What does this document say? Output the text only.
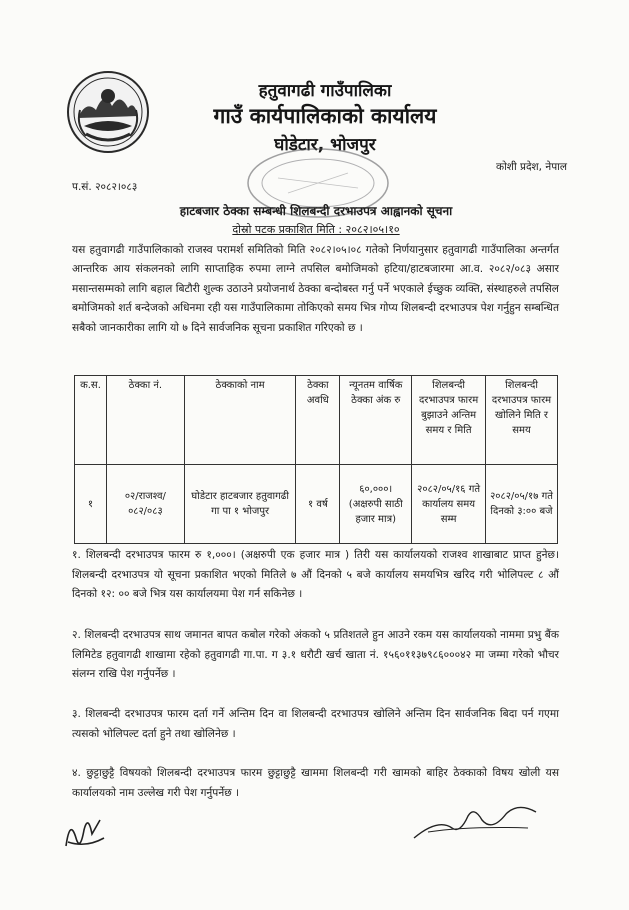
हतुवागढी गाउँपालिका
गाउँ कार्यपालिकाको कार्यालय
घोडेटार, भोजपुर
कोशी प्रदेश, नेपाल
प.सं. २०८२।०८३
हाटबजार ठेक्का सम्बन्धी शिलबन्दी दरभाउपत्र आह्वानको सूचना
दोस्रो पटक प्रकाशित मिति : २०८२।०५।१०
यस हतुवागढी गाउँपालिकाको राजस्व परामर्श समितिको मिति २०८२।०५।०८ गतेको निर्णयानुसार हतुवागढी गाउँपालिका अन्तर्गत आन्तरिक आय संकलनको लागि साप्ताहिक रुपमा लाग्ने तपसिल बमोजिमको हटिया/हाटबजारमा आ.व. २०८२/०८३ असार मसान्तसम्मको लागि बहाल बिटौरी शुल्क उठाउने प्रयोजनार्थ ठेक्का बन्दोबस्त गर्नु पर्ने भएकाले ईच्छुक व्यक्ति, संस्थाहरुले तपसिल बमोजिमको शर्त बन्देजको अधिनमा रही यस गाउँपालिकामा तोकिएको समय भित्र गोप्य शिलबन्दी दरभाउपत्र पेश गर्नुहुन सम्बन्धित सबैको जानकारीका लागि यो ७ दिने सार्वजनिक सूचना प्रकाशित गरिएको छ ।
क.स.	ठेक्का नं.	ठेक्काको नाम	ठेक्का अवधि	न्यूनतम वार्षिक ठेक्का अंक रु	शिलबन्दी दरभाउपत्र फारम बुझाउने अन्तिम समय र मिति	शिलबन्दी दरभाउपत्र फारम खोलिने मिति र समय
१	०२/राजश्व/ ०८२/०८३	घोडेटार हाटबजार हतुवागढी गा पा १ भोजपुर	१ वर्ष	६०,०००। (अक्षरुपी साठी हजार मात्र)	२०८२/०५/१६ गते कार्यालय समय सम्म	२०८२/०५/१७ गते दिनको ३:०० बजे
१. शिलबन्दी दरभाउपत्र फारम रु १,०००। (अक्षरुपी एक हजार मात्र ) तिरी यस कार्यालयको राजश्व शाखाबाट प्राप्त हुनेछ। शिलबन्दी दरभाउपत्र यो सूचना प्रकाशित भएको मितिले ७ औं दिनको ५ बजे कार्यालय समयभित्र खरिद गरी भोलिपल्ट ८ औं दिनको १२: ०० बजे भित्र यस कार्यालयमा पेश गर्न सकिनेछ ।
२. शिलबन्दी दरभाउपत्र साथ जमानत बापत कबोल गरेको अंकको ५ प्रतिशतले हुन आउने रकम यस कार्यालयको नाममा प्रभु बैंक लिमिटेड हतुवागढी शाखामा रहेको हतुवागढी गा.पा. ग ३.१ धरौटी खर्च खाता नं. १५६०११३७९८६०००४२ मा जम्मा गरेको भौचर संलग्न राखि पेश गर्नुपर्नेछ ।
३. शिलबन्दी दरभाउपत्र फारम दर्ता गर्ने अन्तिम दिन वा शिलबन्दी दरभाउपत्र खोलिने अन्तिम दिन सार्वजनिक बिदा पर्न गएमा त्यसको भोलिपल्ट दर्ता हुने तथा खोलिनेछ ।
४. छुट्टाछुट्टै विषयको शिलबन्दी दरभाउपत्र फारम छुट्टाछुट्टै खाममा शिलबन्दी गरी खामको बाहिर ठेक्काको विषय खोली यस कार्यालयको नाम उल्लेख गरी पेश गर्नुपर्नेछ ।
